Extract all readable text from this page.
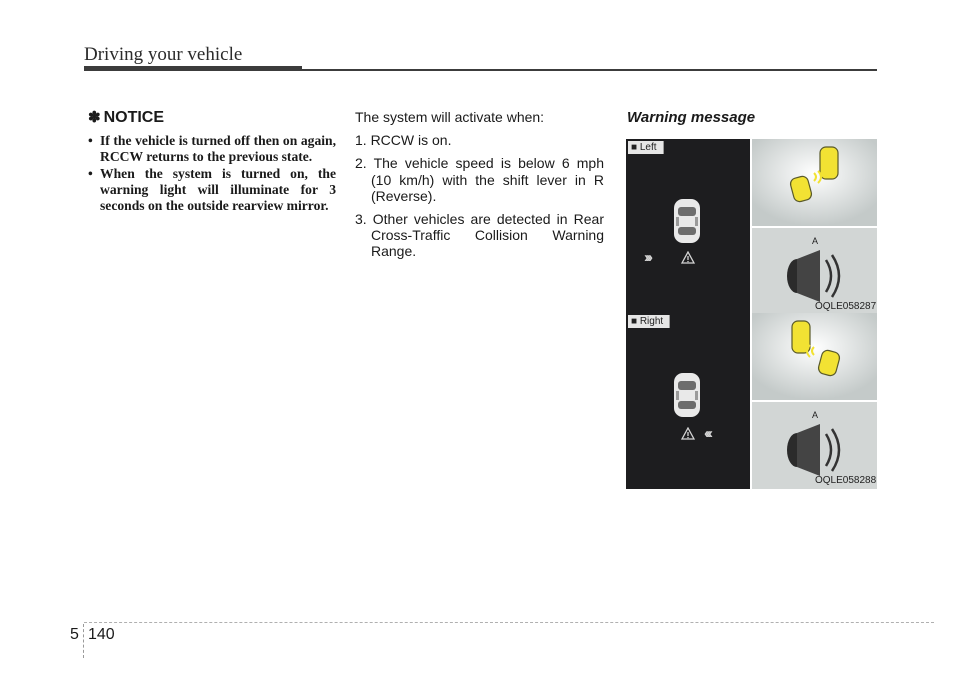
Driving your vehicle
✽ NOTICE
• If the vehicle is turned off then on again, RCCW returns to the previous state.
• When the system is turned on, the warning light will illuminate for 3 seconds on the outside rearview mirror.

The system will activate when:

1. RCCW is on.
2. The vehicle speed is below 6 mph (10 km/h) with the shift lever in R (Reverse).
3. Other vehicles are detected in Rear Cross-Traffic Collision Warning Range.
Warning message
■ Left
›››
A
OQLE058287
■ Right
‹‹‹
A
OQLE058288
5 140
